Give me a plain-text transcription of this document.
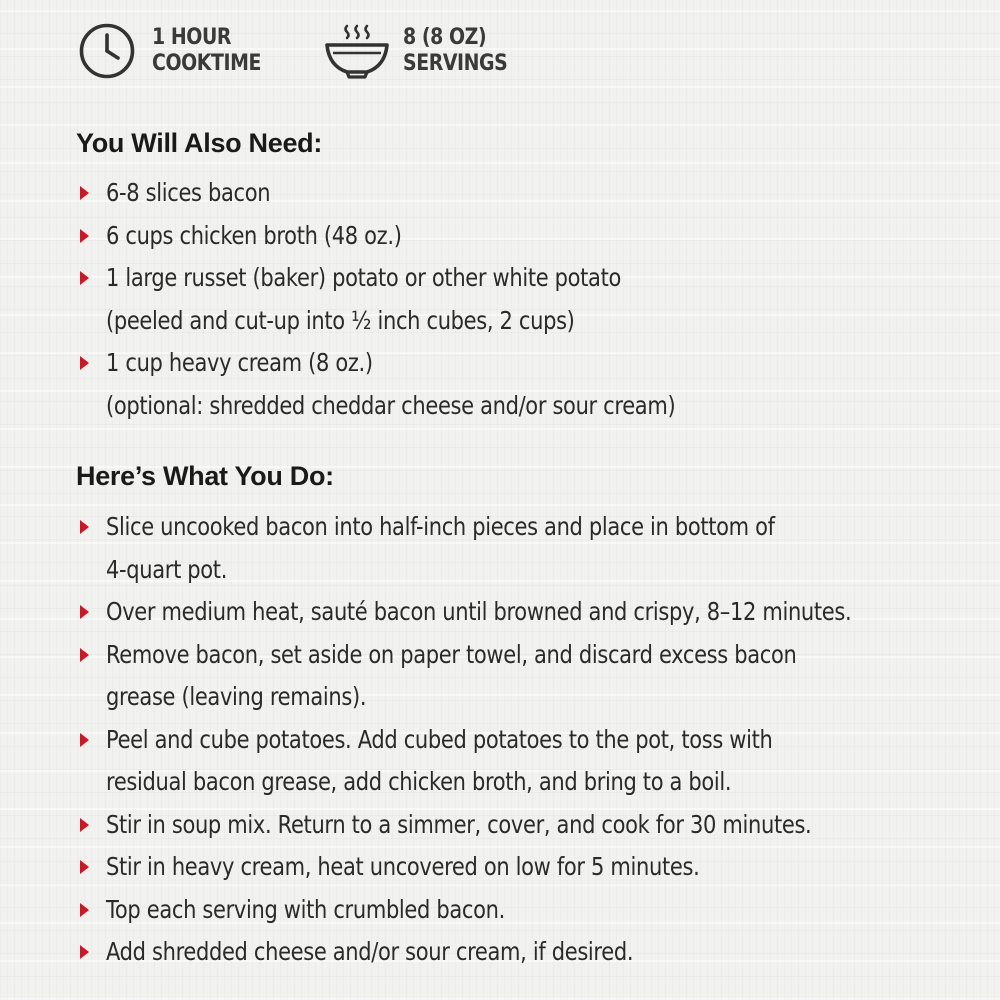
1 HOUR
COOKTIME
8 (8 OZ)
SERVINGS
You Will Also Need:
6-8 slices bacon
6 cups chicken broth (48 oz.)
1 large russet (baker) potato or other white potato
(peeled and cut-up into ½ inch cubes, 2 cups)
1 cup heavy cream (8 oz.)
(optional: shredded cheddar cheese and/or sour cream)
Here’s What You Do:
Slice uncooked bacon into half-inch pieces and place in bottom of
4-quart pot.
Over medium heat, sauté bacon until browned and crispy, 8–12 minutes.
Remove bacon, set aside on paper towel, and discard excess bacon
grease (leaving remains).
Peel and cube potatoes. Add cubed potatoes to the pot, toss with
residual bacon grease, add chicken broth, and bring to a boil.
Stir in soup mix. Return to a simmer, cover, and cook for 30 minutes.
Stir in heavy cream, heat uncovered on low for 5 minutes.
Top each serving with crumbled bacon.
Add shredded cheese and/or sour cream, if desired.
